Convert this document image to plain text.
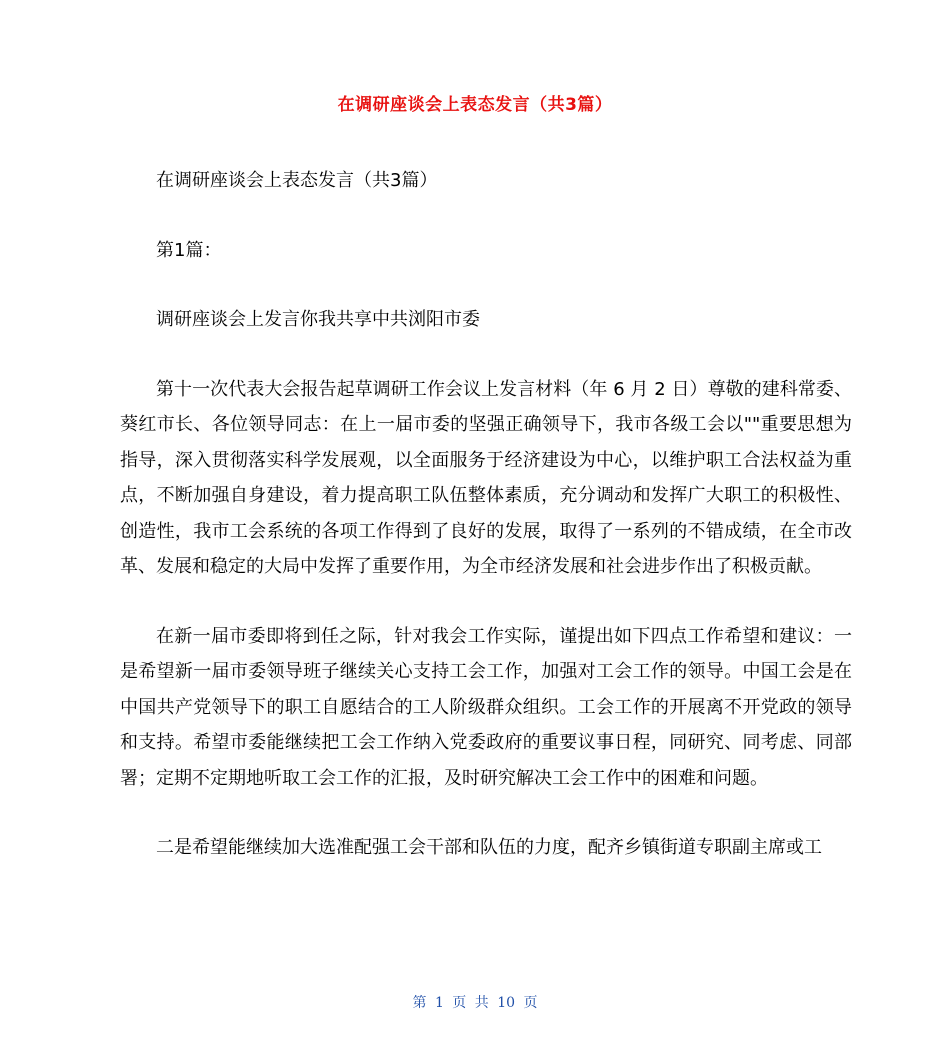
在调研座谈会上表态发言（共3篇）

在调研座谈会上表态发言（共3篇）

第1篇：

调研座谈会上发言你我共享中共浏阳市委

第十一次代表大会报告起草调研工作会议上发言材料（年 6 月 2 日）尊敬的建科常委、葵红市长、各位领导同志：在上一届市委的坚强正确领导下，我市各级工会以""重要思想为指导，深入贯彻落实科学发展观，以全面服务于经济建设为中心，以维护职工合法权益为重点，不断加强自身建设，着力提高职工队伍整体素质，充分调动和发挥广大职工的积极性、创造性，我市工会系统的各项工作得到了良好的发展，取得了一系列的不错成绩，在全市改革、发展和稳定的大局中发挥了重要作用，为全市经济发展和社会进步作出了积极贡献。

在新一届市委即将到任之际，针对我会工作实际，谨提出如下四点工作希望和建议：一是希望新一届市委领导班子继续关心支持工会工作，加强对工会工作的领导。中国工会是在中国共产党领导下的职工自愿结合的工人阶级群众组织。工会工作的开展离不开党政的领导和支持。希望市委能继续把工会工作纳入党委政府的重要议事日程，同研究、同考虑、同部署；定期不定期地听取工会工作的汇报，及时研究解决工会工作中的困难和问题。

二是希望能继续加大选准配强工会干部和队伍的力度，配齐乡镇街道专职副主席或工

第 1 页 共 10 页
